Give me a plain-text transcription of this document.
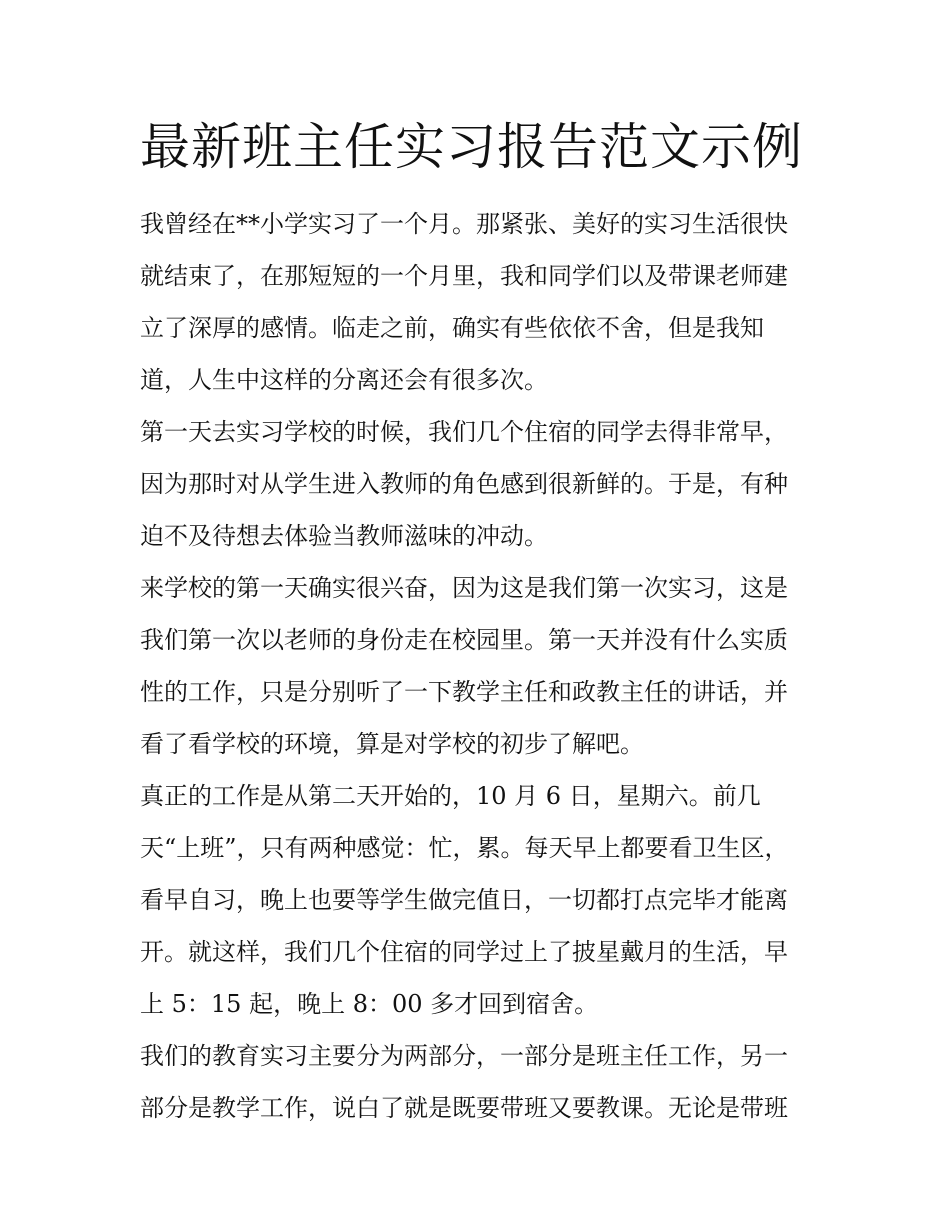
最新班主任实习报告范文示例
我曾经在**小学实习了一个月。那紧张、美好的实习生活很快
就结束了，在那短短的一个月里，我和同学们以及带课老师建
立了深厚的感情。临走之前，确实有些依依不舍，但是我知
道，人生中这样的分离还会有很多次。
第一天去实习学校的时候，我们几个住宿的同学去得非常早，
因为那时对从学生进入教师的角色感到很新鲜的。于是，有种
迫不及待想去体验当教师滋味的冲动。
来学校的第一天确实很兴奋，因为这是我们第一次实习，这是
我们第一次以老师的身份走在校园里。第一天并没有什么实质
性的工作，只是分别听了一下教学主任和政教主任的讲话，并
看了看学校的环境，算是对学校的初步了解吧。
真正的工作是从第二天开始的，10 月 6 日，星期六。前几
天“上班”，只有两种感觉：忙，累。每天早上都要看卫生区，
看早自习，晚上也要等学生做完值日，一切都打点完毕才能离
开。就这样，我们几个住宿的同学过上了披星戴月的生活，早
上 5：15 起，晚上 8：00 多才回到宿舍。
我们的教育实习主要分为两部分，一部分是班主任工作，另一
部分是教学工作，说白了就是既要带班又要教课。无论是带班
